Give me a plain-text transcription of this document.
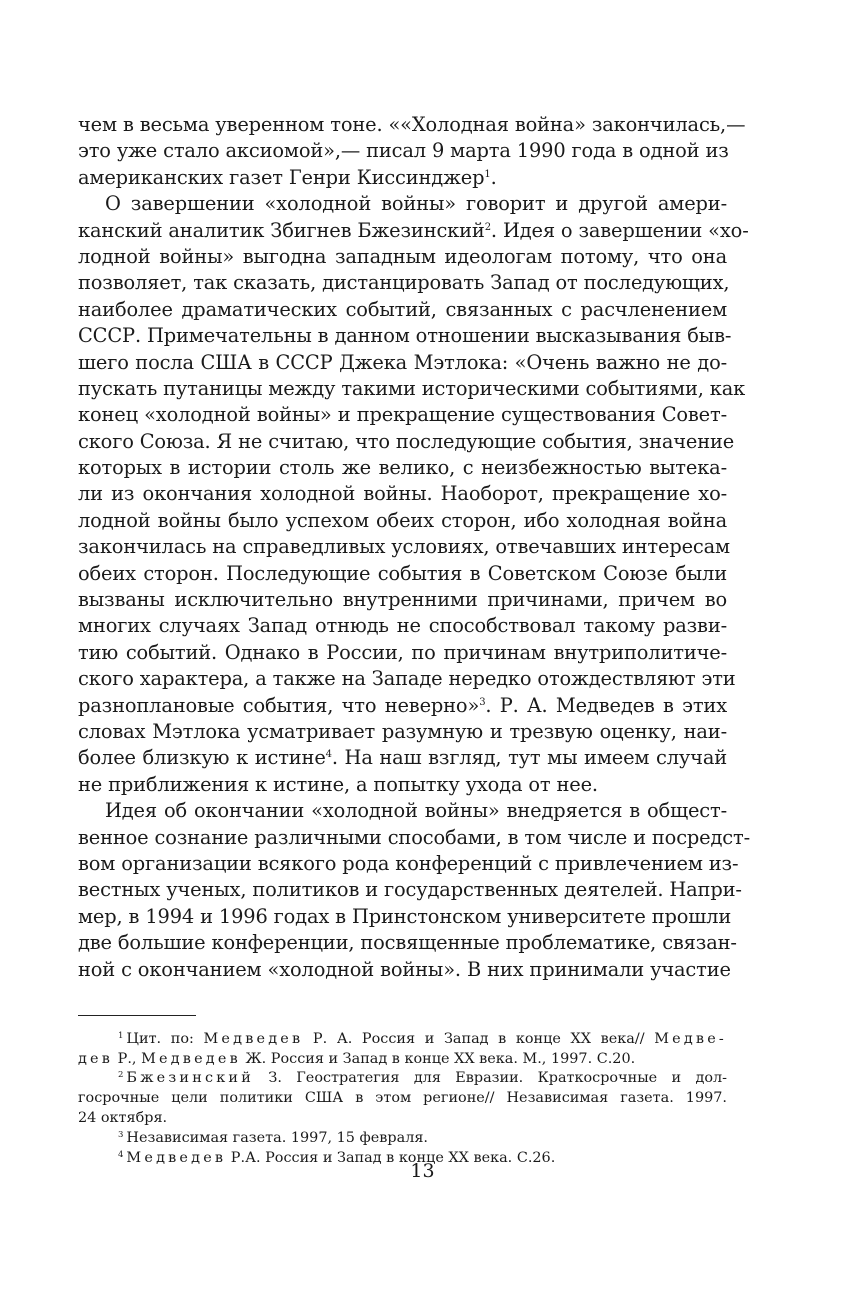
чем в весьма уверенном тоне. ««Холодная война» закончилась,—
это уже стало аксиомой»,— писал 9 марта 1990 года в одной из
американских газет Генри Киссинджер$^1$.
О завершении «холодной войны» говорит и другой амери-
канский аналитик Збигнев Бжезинский$^2$. Идея о завершении «хо-
лодной войны» выгодна западным идеологам потому, что она
позволяет, так сказать, дистанцировать Запад от последующих,
наиболее драматических событий, связанных с расчленением
СССР. Примечательны в данном отношении высказывания быв-
шего посла США в СССР Джека Мэтлока: «Очень важно не до-
пускать путаницы между такими историческими событиями, как
конец «холодной войны» и прекращение существования Совет-
ского Союза. Я не считаю, что последующие события, значение
которых в истории столь же велико, с неизбежностью вытека-
ли из окончания холодной войны. Наоборот, прекращение хо-
лодной войны было успехом обеих сторон, ибо холодная война
закончилась на справедливых условиях, отвечавших интересам
обеих сторон. Последующие события в Советском Союзе были
вызваны исключительно внутренними причинами, причем во
многих случаях Запад отнюдь не способствовал такому разви-
тию событий. Однако в России, по причинам внутриполитиче-
ского характера, а также на Западе нередко отождествляют эти
разноплановые события, что неверно»$^3$. Р. А. Медведев в этих
словах Мэтлока усматривает разумную и трезвую оценку, наи-
более близкую к истине$^4$. На наш взгляд, тут мы имеем случай
не приближения к истине, а попытку ухода от нее.
Идея об окончании «холодной войны» внедряется в общест-
венное сознание различными способами, в том числе и посредст-
вом организации всякого рода конференций с привлечением из-
вестных ученых, политиков и государственных деятелей. Напри-
мер, в 1994 и 1996 годах в Принстонском университете прошли
две большие конференции, посвященные проблематике, связан-
ной с окончанием «холодной войны». В них принимали участие
$^1$ Цит. по: Медведев Р. А. Россия и Запад в конце ХХ века// Медве-
дев Р., Медведев Ж. Россия и Запад в конце ХХ века. М., 1997. С.20.
$^2$ Бжезинский З. Геостратегия для Евразии. Краткосрочные и дол-
госрочные цели политики США в этом регионе// Независимая газета. 1997.
24 октября.
$^3$ Независимая газета. 1997, 15 февраля.
$^4$ Медведев Р.А. Россия и Запад в конце ХХ века. С.26.
13
